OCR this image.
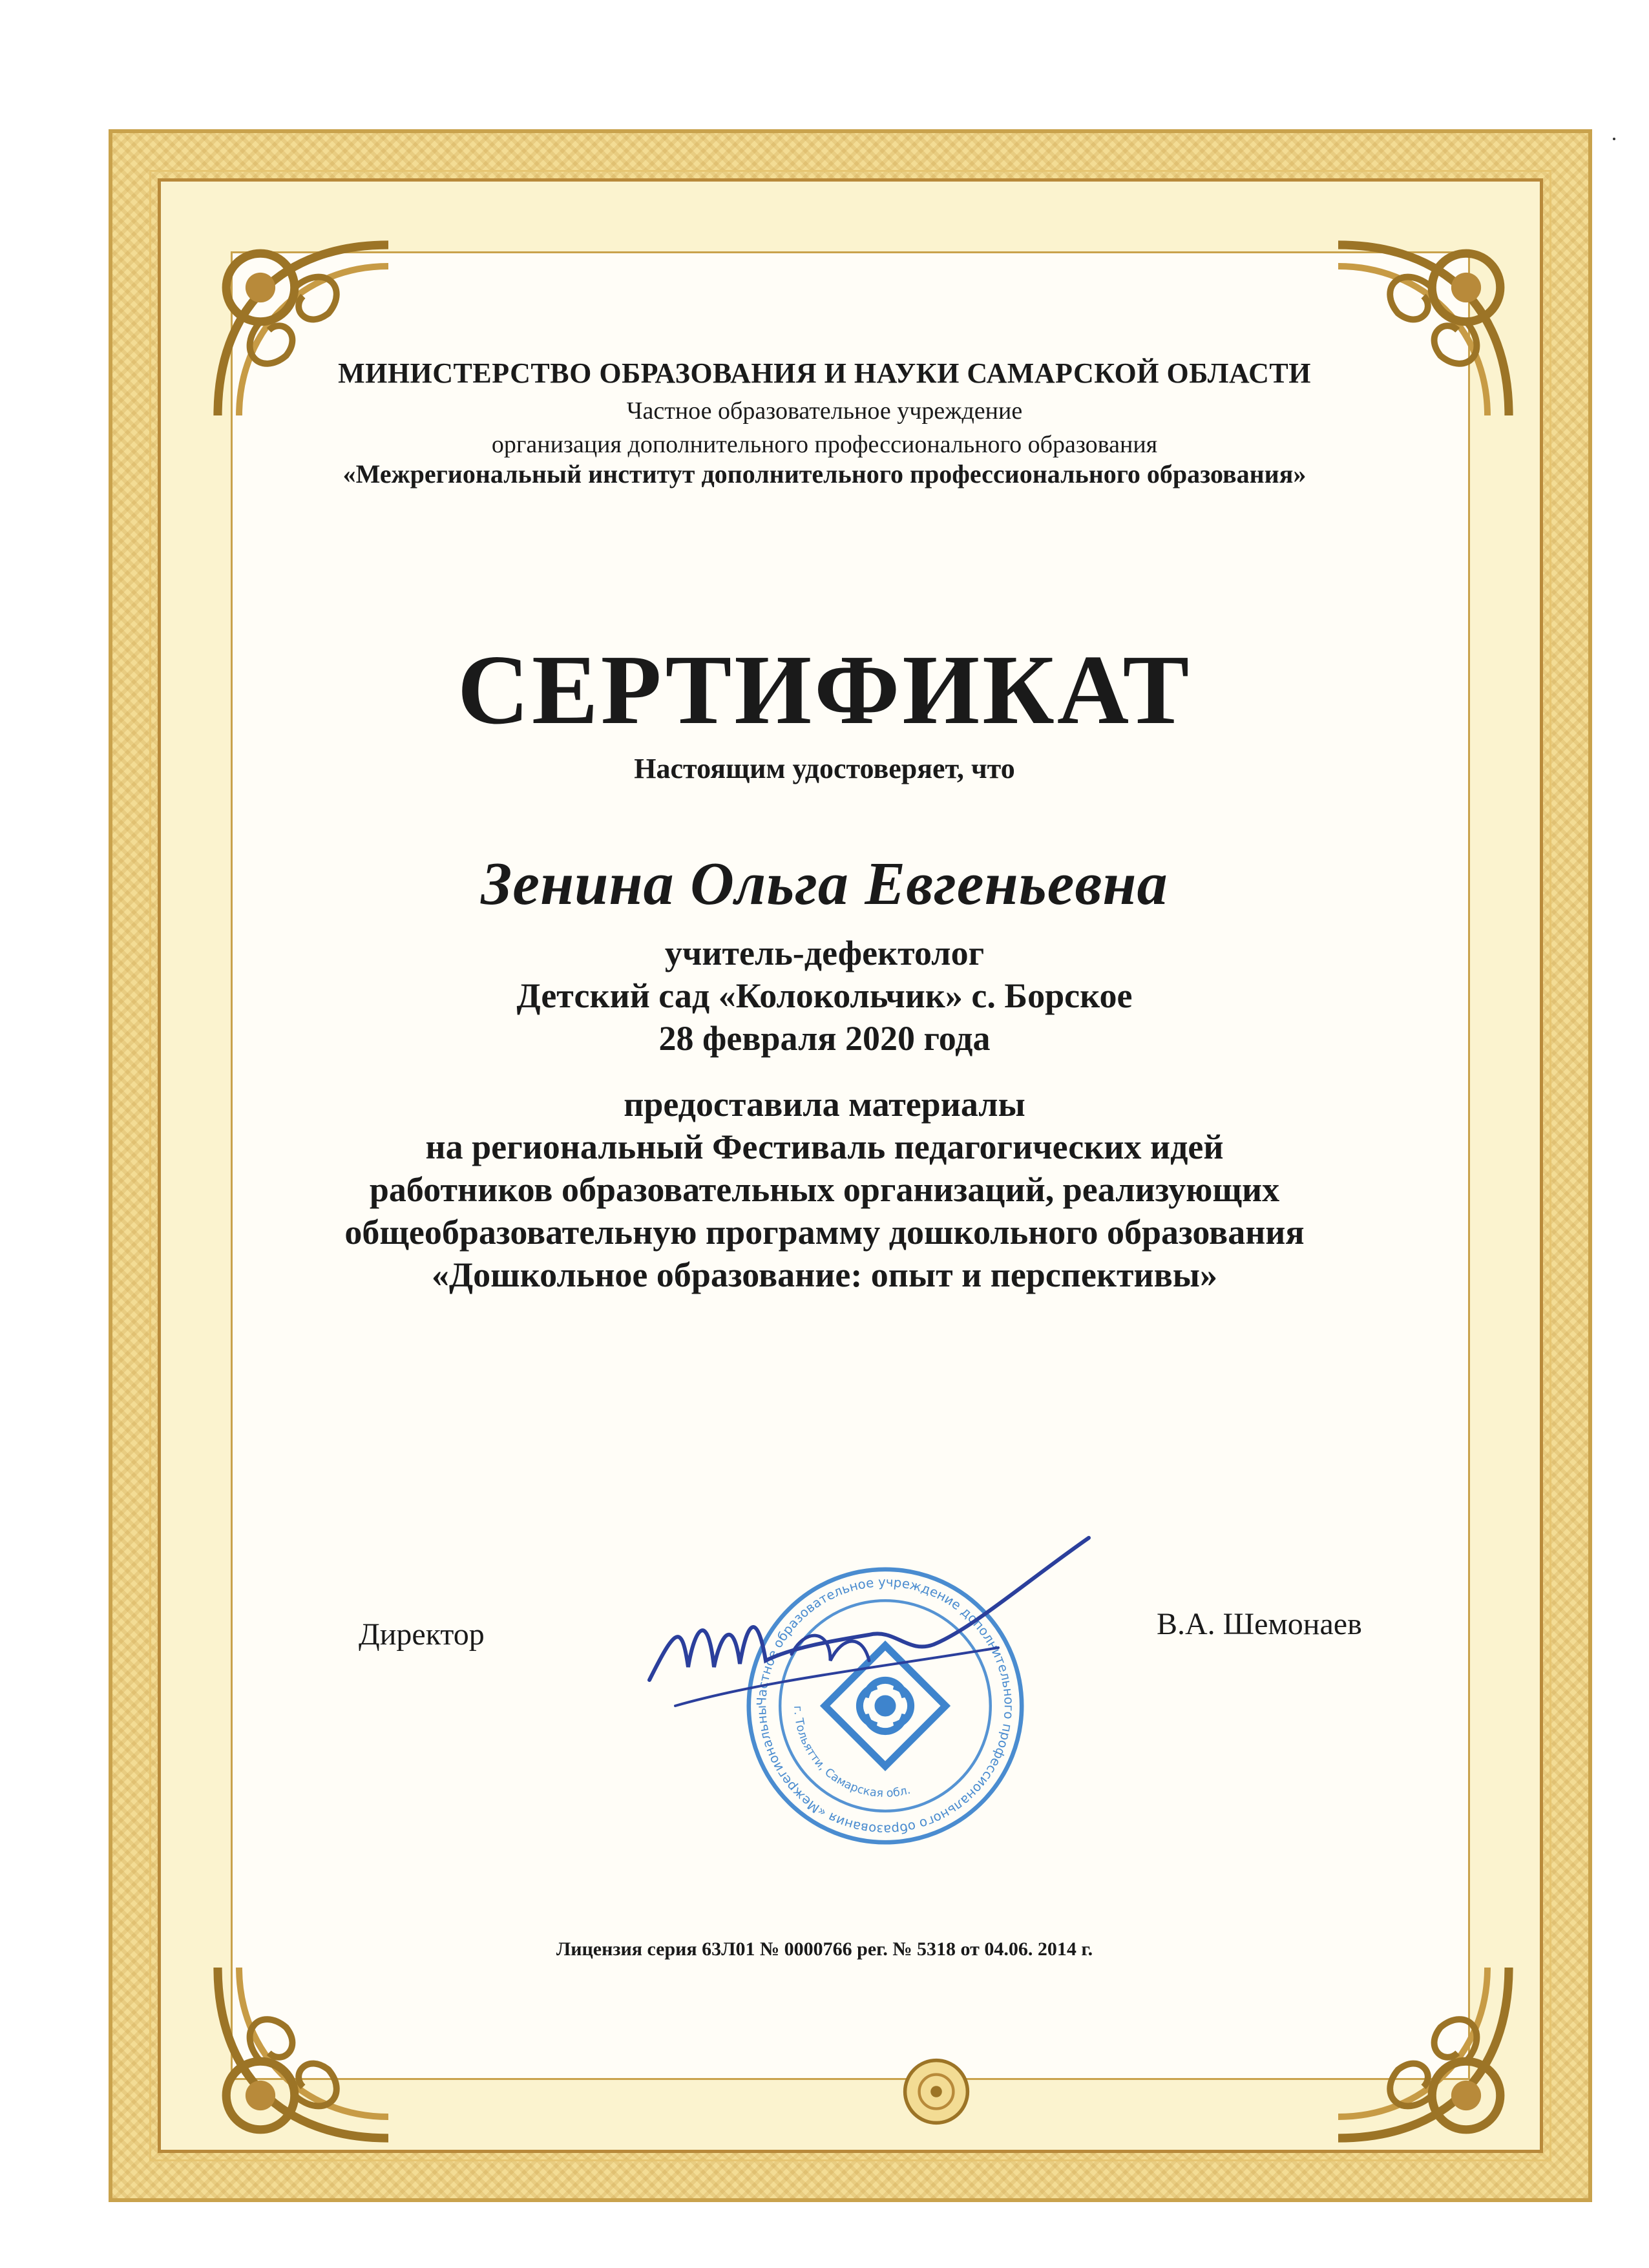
МИНИСТЕРСТВО ОБРАЗОВАНИЯ И НАУКИ САМАРСКОЙ ОБЛАСТИ
Частное образовательное учреждение
организация дополнительного профессионального образования
«Межрегиональный институт дополнительного профессионального образования»
СЕРТИФИКАТ
Настоящим удостоверяет, что
Зенина Ольга Евгеньевна
учитель-дефектолог
Детский сад «Колокольчик» с. Борское
28 февраля 2020 года
предоставила материалы
на региональный Фестиваль педагогических идей
работников образовательных организаций, реализующих
общеобразовательную программу дошкольного образования
«Дошкольное образование: опыт и перспективы»
Директор
Частное образовательное учреждение дополнительного профессионального образования «Межрегиональны	г. Тольятти, Самарская обл.
В.А. Шемонаев
Лицензия серия 63Л01 № 0000766 рег. № 5318 от 04.06. 2014 г.
